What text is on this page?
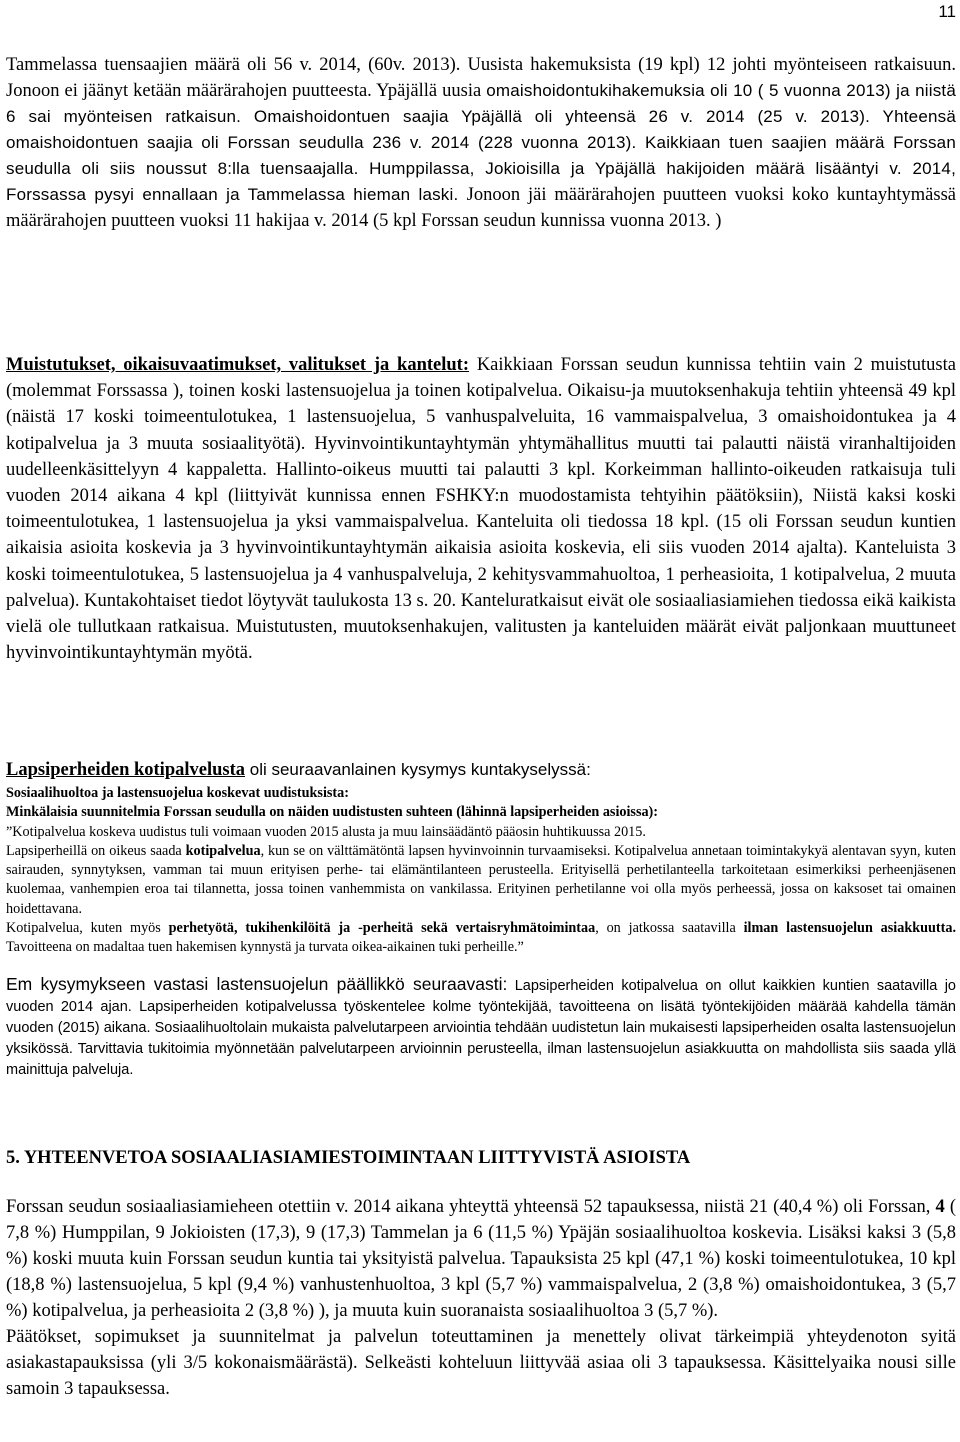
11

Tammelassa tuensaajien määrä oli 56 v. 2014, (60v. 2013). Uusista hakemuksista (19 kpl) 12 johti myönteiseen ratkaisuun. Jonoon ei jäänyt ketään määrärahojen puutteesta. Ypäjällä uusia omaishoidontukihakemuksia oli 10 ( 5 vuonna 2013) ja niistä 6 sai myönteisen ratkaisun. Omaishoidontuen saajia Ypäjällä oli yhteensä 26 v. 2014 (25 v. 2013). Yhteensä omaishoidontuen saajia oli Forssan seudulla 236 v. 2014 (228 vuonna 2013). Kaikkiaan tuen saajien määrä Forssan seudulla oli siis noussut 8:lla tuensaajalla. Humppilassa, Jokioisilla ja Ypäjällä hakijoiden määrä lisääntyi v. 2014, Forssassa pysyi ennallaan ja Tammelassa hieman laski. Jonoon jäi määrärahojen puutteen vuoksi koko kuntayhtymässä määrärahojen puutteen vuoksi 11 hakijaa v. 2014 (5 kpl Forssan seudun kunnissa vuonna 2013. )

Muistutukset, oikaisuvaatimukset, valitukset ja kantelut: Kaikkiaan Forssan seudun kunnissa tehtiin vain 2 muistutusta (molemmat Forssassa ), toinen koski lastensuojelua ja toinen kotipalvelua. Oikaisu-ja muutoksenhakuja tehtiin yhteensä 49 kpl (näistä 17 koski toimeentulotukea, 1 lastensuojelua, 5 vanhuspalveluita, 16 vammaispalvelua, 3 omaishoidontukea ja 4 kotipalvelua ja 3 muuta sosiaalityötä). Hyvinvointikuntayhtymän yhtymähallitus muutti tai palautti näistä viranhaltijoiden uudelleenkäsittelyyn 4 kappaletta. Hallinto-oikeus muutti tai palautti 3 kpl. Korkeimman hallinto-oikeuden ratkaisuja tuli vuoden 2014 aikana 4 kpl (liittyivät kunnissa ennen FSHKY:n muodostamista tehtyihin päätöksiin), Niistä kaksi koski toimeentulotukea, 1 lastensuojelua ja yksi vammaispalvelua. Kanteluita oli tiedossa 18 kpl. (15 oli Forssan seudun kuntien aikaisia asioita koskevia ja 3 hyvinvointikuntayhtymän aikaisia asioita koskevia, eli siis vuoden 2014 ajalta). Kanteluista 3 koski toimeentulotukea, 5 lastensuojelua ja 4 vanhuspalveluja, 2 kehitysvammahuoltoa, 1 perheasioita, 1 kotipalvelua, 2 muuta palvelua). Kuntakohtaiset tiedot löytyvät taulukosta 13 s. 20. Kanteluratkaisut eivät ole sosiaaliasiamiehen tiedossa eikä kaikista vielä ole tullutkaan ratkaisua. Muistutusten, muutoksenhakujen, valitusten ja kanteluiden määrät eivät paljonkaan muuttuneet hyvinvointikuntayhtymän myötä.

Lapsiperheiden kotipalvelusta oli seuraavanlainen kysymys kuntakyselyssä:

Sosiaalihuoltoa ja lastensuojelua koskevat uudistuksista:
Minkälaisia suunnitelmia Forssan seudulla on näiden uudistusten suhteen (lähinnä lapsiperheiden asioissa):
”Kotipalvelua koskeva uudistus tuli voimaan vuoden 2015 alusta ja muu lainsäädäntö pääosin huhtikuussa 2015.
Lapsiperheillä on oikeus saada kotipalvelua, kun se on välttämätöntä lapsen hyvinvoinnin turvaamiseksi. Kotipalvelua annetaan toimintakykyä alentavan syyn, kuten sairauden, synnytyksen, vamman tai muun erityisen perhe- tai elämäntilanteen perusteella. Erityisellä perhetilanteella tarkoitetaan esimerkiksi perheenjäsenen kuolemaa, vanhempien eroa tai tilannetta, jossa toinen vanhemmista on vankilassa. Erityinen perhetilanne voi olla myös perheessä, jossa on kaksoset tai omainen hoidettavana.
Kotipalvelua, kuten myös perhetyötä, tukihenkilöitä ja -perheitä sekä vertaisryhmätoimintaa, on jatkossa saatavilla ilman lastensuojelun asiakkuutta. Tavoitteena on madaltaa tuen hakemisen kynnystä ja turvata oikea-aikainen tuki perheille.”

Em kysymykseen vastasi lastensuojelun päällikkö seuraavasti: Lapsiperheiden kotipalvelua on ollut kaikkien kuntien saatavilla jo vuoden 2014 ajan. Lapsiperheiden kotipalvelussa työskentelee kolme työntekijää, tavoitteena on lisätä työntekijöiden määrää kahdella tämän vuoden (2015) aikana. Sosiaalihuoltolain mukaista palvelutarpeen arviointia tehdään uudistetun lain mukaisesti lapsiperheiden osalta lastensuojelun yksikössä. Tarvittavia tukitoimia myönnetään palvelutarpeen arvioinnin perusteella, ilman lastensuojelun asiakkuutta on mahdollista siis saada yllä mainittuja palveluja.

5. YHTEENVETOA SOSIAALIASIAMIESTOIMINTAAN LIITTYVISTÄ ASIOISTA
Forssan seudun sosiaaliasiamieheen otettiin v. 2014 aikana yhteyttä yhteensä 52 tapauksessa, niistä 21 (40,4 %) oli Forssan, 4 ( 7,8 %) Humppilan, 9 Jokioisten (17,3), 9 (17,3) Tammelan ja 6 (11,5 %) Ypäjän sosiaalihuoltoa koskevia. Lisäksi kaksi 3 (5,8 %) koski muuta kuin Forssan seudun kuntia tai yksityistä palvelua. Tapauksista 25 kpl (47,1 %) koski toimeentulotukea, 10 kpl (18,8 %) lastensuojelua, 5 kpl (9,4 %) vanhustenhuoltoa, 3 kpl (5,7 %) vammaispalvelua, 2 (3,8 %) omaishoidontukea, 3 (5,7 %) kotipalvelua, ja perheasioita 2 (3,8 %) ), ja muuta kuin suoranaista sosiaalihuoltoa 3 (5,7 %).
Päätökset, sopimukset ja suunnitelmat ja palvelun toteuttaminen ja menettely olivat tärkeimpiä yhteydenoton syitä asiakastapauksissa (yli 3/5 kokonaismäärästä). Selkeästi kohteluun liittyvää asiaa oli 3 tapauksessa. Käsittelyaika nousi sille samoin 3 tapauksessa.
